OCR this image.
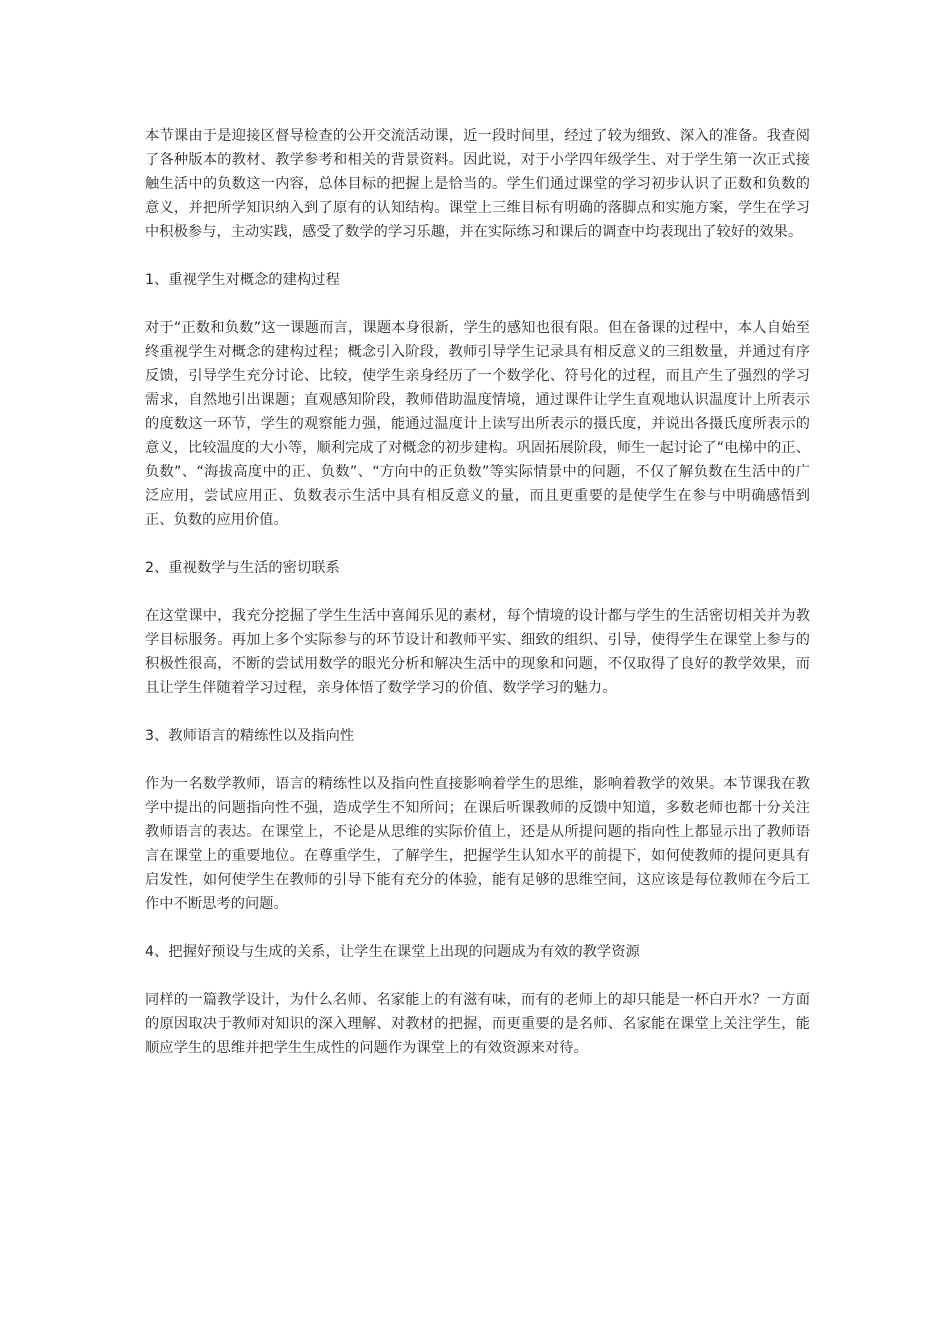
本节课由于是迎接区督导检查的公开交流活动课，近一段时间里，经过了较为细致、深入的准备。我查阅了各种版本的教材、教学参考和相关的背景资料。因此说，对于小学四年级学生、对于学生第一次正式接触生活中的负数这一内容，总体目标的把握上是恰当的。学生们通过课堂的学习初步认识了正数和负数的意义，并把所学知识纳入到了原有的认知结构。课堂上三维目标有明确的落脚点和实施方案，学生在学习中积极参与，主动实践，感受了数学的学习乐趣，并在实际练习和课后的调查中均表现出了较好的效果。

1、重视学生对概念的建构过程

对于“正数和负数”这一课题而言，课题本身很新，学生的感知也很有限。但在备课的过程中，本人自始至终重视学生对概念的建构过程；概念引入阶段，教师引导学生记录具有相反意义的三组数量，并通过有序反馈，引导学生充分讨论、比较，使学生亲身经历了一个数学化、符号化的过程，而且产生了强烈的学习需求，自然地引出课题；直观感知阶段，教师借助温度情境，通过课件让学生直观地认识温度计上所表示的度数这一环节，学生的观察能力强，能通过温度计上读写出所表示的摄氏度，并说出各摄氏度所表示的意义，比较温度的大小等，顺利完成了对概念的初步建构。巩固拓展阶段，师生一起讨论了“电梯中的正、负数”、“海拔高度中的正、负数”、“方向中的正负数”等实际情景中的问题，不仅了解负数在生活中的广泛应用，尝试应用正、负数表示生活中具有相反意义的量，而且更重要的是使学生在参与中明确感悟到正、负数的应用价值。

2、重视数学与生活的密切联系

在这堂课中，我充分挖掘了学生生活中喜闻乐见的素材，每个情境的设计都与学生的生活密切相关并为教学目标服务。再加上多个实际参与的环节设计和教师平实、细致的组织、引导，使得学生在课堂上参与的积极性很高，不断的尝试用数学的眼光分析和解决生活中的现象和问题，不仅取得了良好的教学效果，而且让学生伴随着学习过程，亲身体悟了数学学习的价值、数学学习的魅力。

3、教师语言的精练性以及指向性

作为一名数学教师，语言的精练性以及指向性直接影响着学生的思维，影响着教学的效果。本节课我在教学中提出的问题指向性不强，造成学生不知所问；在课后听课教师的反馈中知道，多数老师也都十分关注教师语言的表达。在课堂上，不论是从思维的实际价值上，还是从所提问题的指向性上都显示出了教师语言在课堂上的重要地位。在尊重学生，了解学生，把握学生认知水平的前提下，如何使教师的提问更具有启发性，如何使学生在教师的引导下能有充分的体验，能有足够的思维空间，这应该是每位教师在今后工作中不断思考的问题。

4、把握好预设与生成的关系，让学生在课堂上出现的问题成为有效的教学资源

同样的一篇教学设计，为什么名师、名家能上的有滋有味，而有的老师上的却只能是一杯白开水？一方面的原因取决于教师对知识的深入理解、对教材的把握，而更重要的是名师、名家能在课堂上关注学生，能顺应学生的思维并把学生生成性的问题作为课堂上的有效资源来对待。
